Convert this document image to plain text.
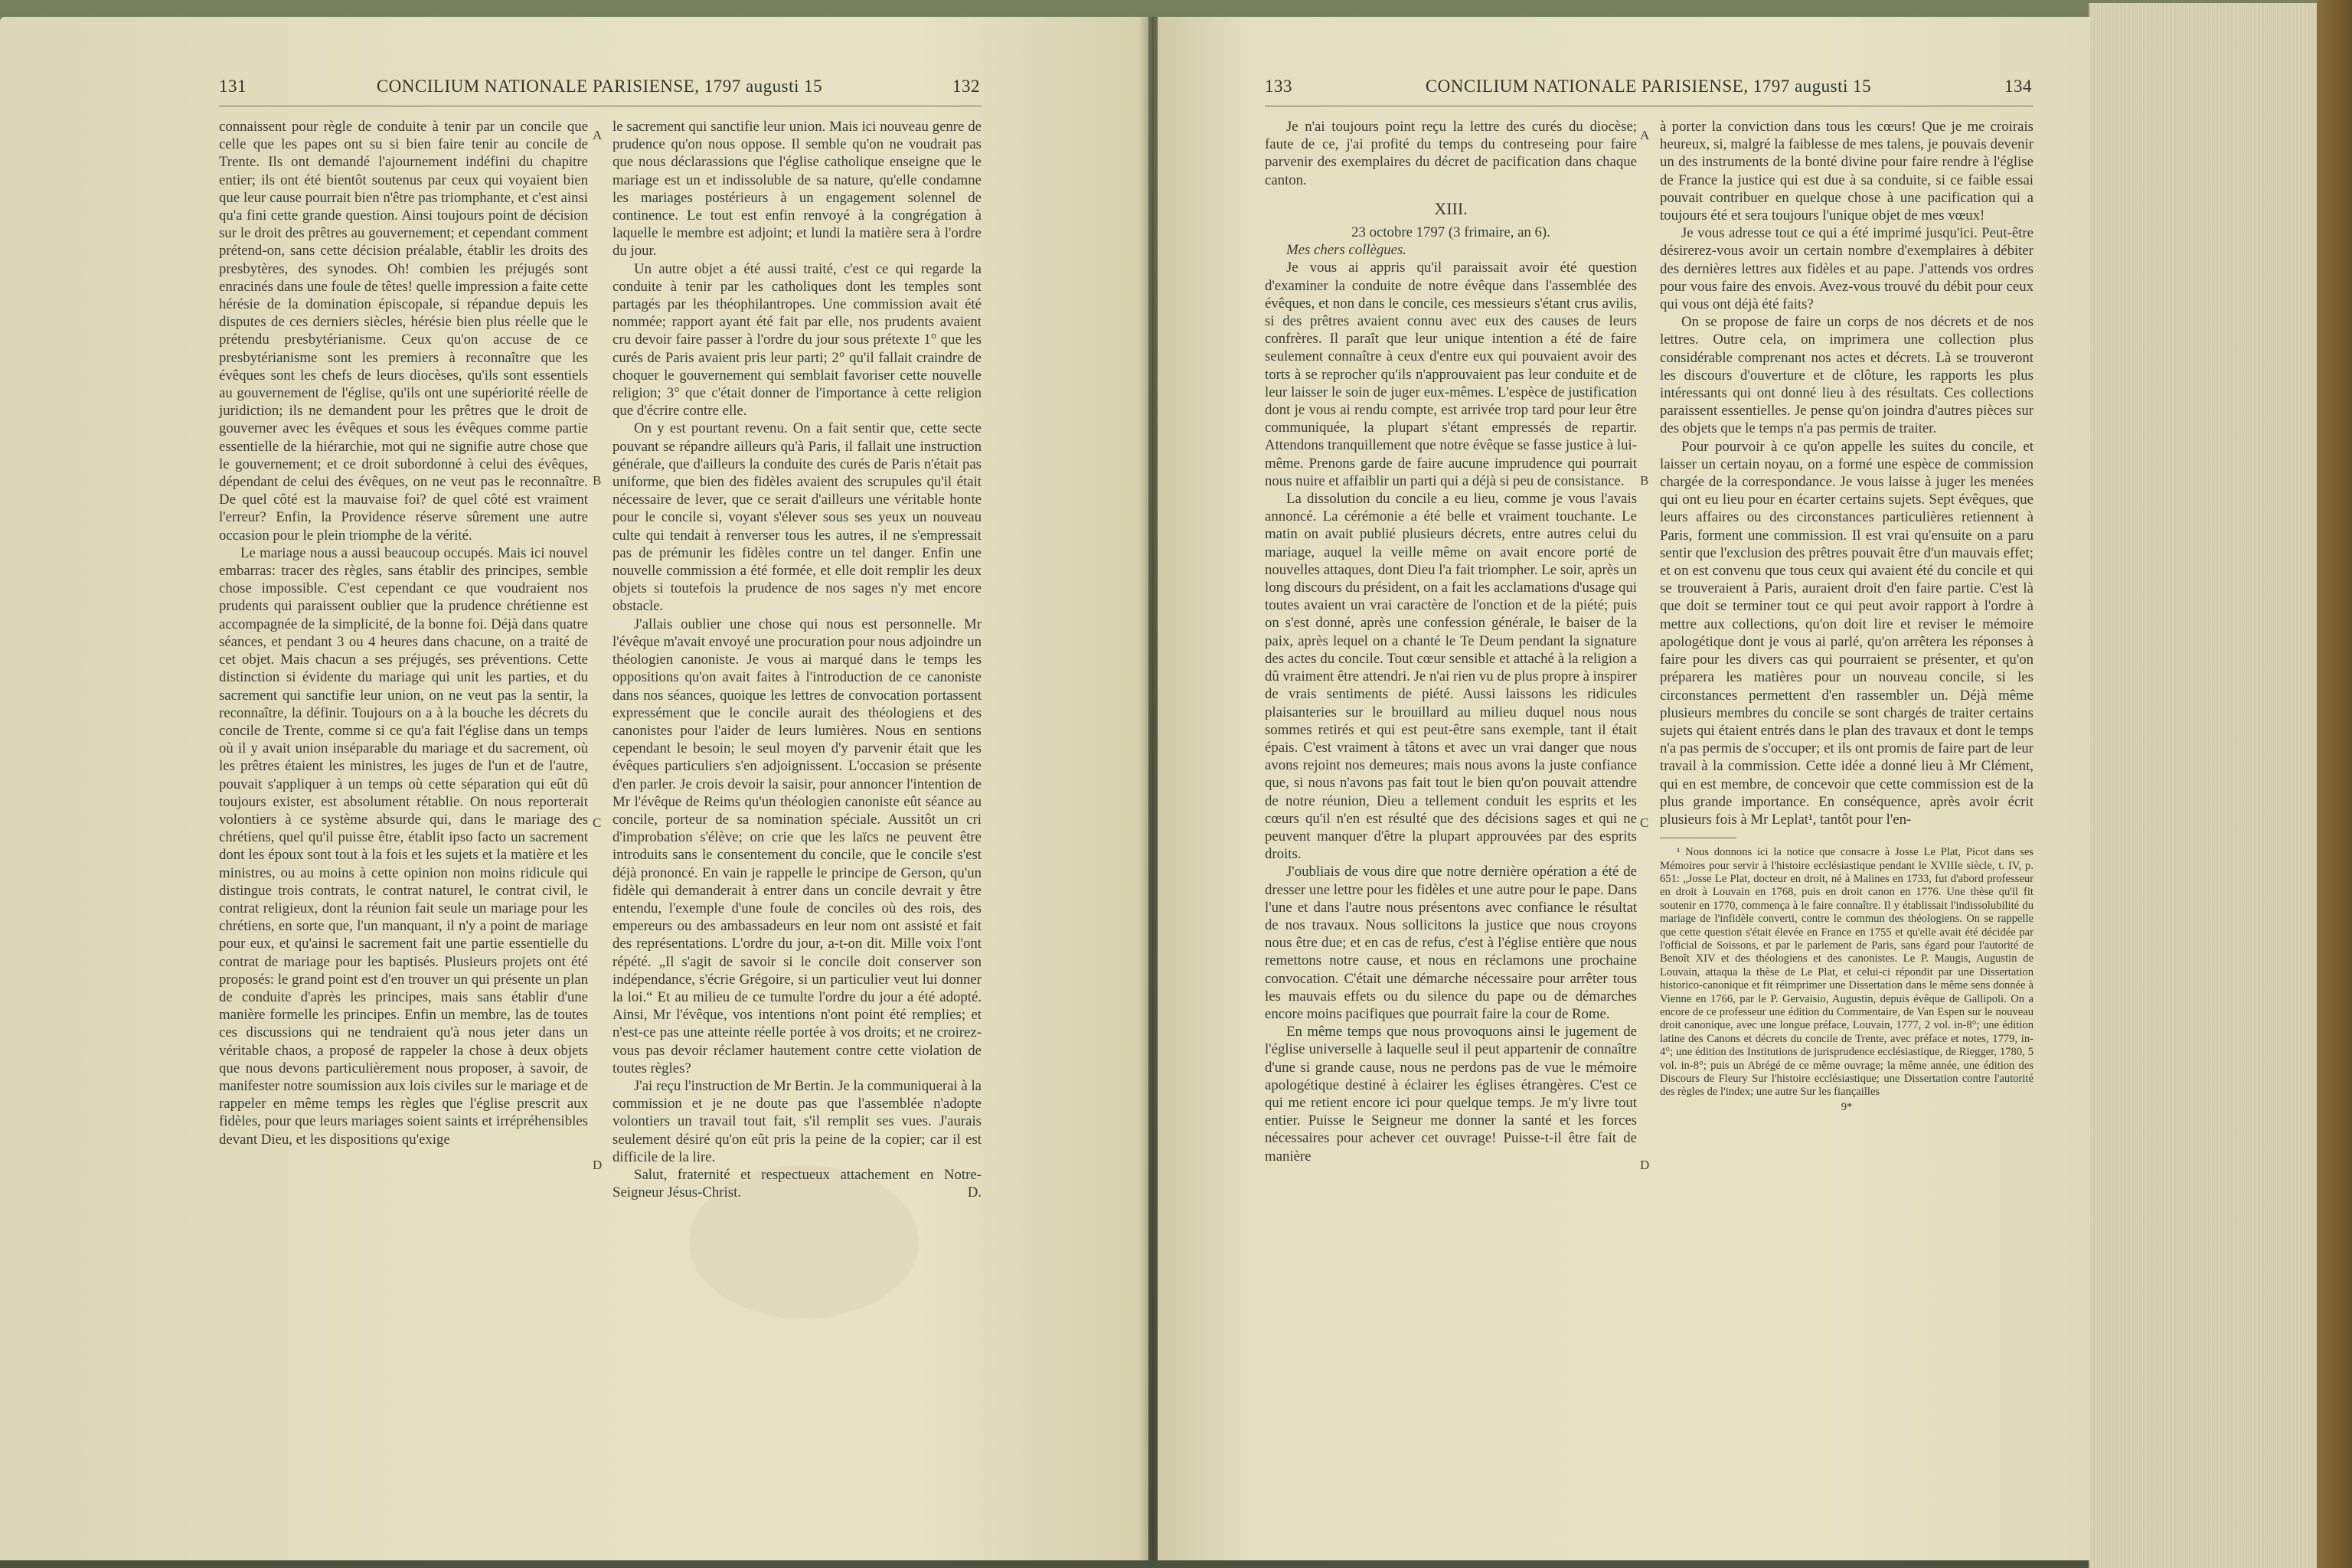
131	CONCILIUM NATIONALE PARISIENSE, 1797 augusti 15	132

connaissent pour règle de conduite à tenir par un concile que celle que les papes ont su si bien faire tenir au concile de Trente. Ils ont demandé l'ajournement indéfini du chapitre entier; ils ont été bientôt soutenus par ceux qui voyaient bien que leur cause pourrait bien n'être pas triomphante, et c'est ainsi qu'a fini cette grande question. Ainsi toujours point de décision sur le droit des prêtres au gouvernement; et cependant comment prétend-on, sans cette décision préalable, établir les droits des presbytères, des synodes. Oh! combien les préjugés sont enracinés dans une foule de têtes! quelle impression a faite cette hérésie de la domination épiscopale, si répandue depuis les disputes de ces derniers siècles, hérésie bien plus réelle que le prétendu presbytérianisme. Ceux qu'on accuse de ce presbytérianisme sont les premiers à reconnaître que les évêques sont les chefs de leurs diocèses, qu'ils sont essentiels au gouvernement de l'église, qu'ils ont une supériorité réelle de juridiction; ils ne demandent pour les prêtres que le droit de gouverner avec les évêques et sous les évêques comme partie essentielle de la hiérarchie, mot qui ne signifie autre chose que le gouvernement; et ce droit subordonné à celui des évêques, dépendant de celui des évêques, on ne veut pas le reconnaître. De quel côté est la mauvaise foi? de quel côté est vraiment l'erreur? Enfin, la Providence réserve sûrement une autre occasion pour le plein triomphe de la vérité.

Le mariage nous a aussi beaucoup occupés. Mais ici nouvel embarras: tracer des règles, sans établir des principes, semble chose impossible. C'est cependant ce que voudraient nos prudents qui paraissent oublier que la prudence chrétienne est accompagnée de la simplicité, de la bonne foi. Déjà dans quatre séances, et pendant 3 ou 4 heures dans chacune, on a traité de cet objet. Mais chacun a ses préjugés, ses préventions. Cette distinction si évidente du mariage qui unit les parties, et du sacrement qui sanctifie leur union, on ne veut pas la sentir, la reconnaître, la définir. Toujours on a à la bouche les décrets du concile de Trente, comme si ce qu'a fait l'église dans un temps où il y avait union inséparable du mariage et du sacrement, où les prêtres étaient les ministres, les juges de l'un et de l'autre, pouvait s'appliquer à un temps où cette séparation qui eût dû toujours exister, est absolument rétablie. On nous reporterait volontiers à ce système absurde qui, dans le mariage des chrétiens, quel qu'il puisse être, établit ipso facto un sacrement dont les époux sont tout à la fois et les sujets et la matière et les ministres, ou au moins à cette opinion non moins ridicule qui distingue trois contrats, le contrat naturel, le contrat civil, le contrat religieux, dont la réunion fait seule un mariage pour les chrétiens, en sorte que, l'un manquant, il n'y a point de mariage pour eux, et qu'ainsi le sacrement fait une partie essentielle du contrat de mariage pour les baptisés. Plusieurs projets ont été proposés: le grand point est d'en trouver un qui présente un plan de conduite d'après les principes, mais sans établir d'une manière formelle les principes. Enfin un membre, las de toutes ces discussions qui ne tendraient qu'à nous jeter dans un véritable chaos, a proposé de rappeler la chose à deux objets que nous devons particulièrement nous proposer, à savoir, de manifester notre soumission aux lois civiles sur le mariage et de rappeler en même temps les règles que l'église prescrit aux fidèles, pour que leurs mariages soient saints et irrépréhensibles devant Dieu, et les dispositions qu'exige

A
B
C
D

le sacrement qui sanctifie leur union. Mais ici nouveau genre de prudence qu'on nous oppose. Il semble qu'on ne voudrait pas que nous déclarassions que l'église catholique enseigne que le mariage est un et indissoluble de sa nature, qu'elle condamne les mariages postérieurs à un engagement solennel de continence. Le tout est enfin renvoyé à la congrégation à laquelle le membre est adjoint; et lundi la matière sera à l'ordre du jour.

Un autre objet a été aussi traité, c'est ce qui regarde la conduite à tenir par les catholiques dont les temples sont partagés par les théophilantropes. Une commission avait été nommée; rapport ayant été fait par elle, nos prudents avaient cru devoir faire passer à l'ordre du jour sous prétexte 1° que les curés de Paris avaient pris leur parti; 2° qu'il fallait craindre de choquer le gouvernement qui semblait favoriser cette nouvelle religion; 3° que c'était donner de l'importance à cette religion que d'écrire contre elle.

On y est pourtant revenu. On a fait sentir que, cette secte pouvant se répandre ailleurs qu'à Paris, il fallait une instruction générale, que d'ailleurs la conduite des curés de Paris n'était pas uniforme, que bien des fidèles avaient des scrupules qu'il était nécessaire de lever, que ce serait d'ailleurs une véritable honte pour le concile si, voyant s'élever sous ses yeux un nouveau culte qui tendait à renverser tous les autres, il ne s'empressait pas de prémunir les fidèles contre un tel danger. Enfin une nouvelle commission a été formée, et elle doit remplir les deux objets si toutefois la prudence de nos sages n'y met encore obstacle.

J'allais oublier une chose qui nous est personnelle. Mr l'évêque m'avait envoyé une procuration pour nous adjoindre un théologien canoniste. Je vous ai marqué dans le temps les oppositions qu'on avait faites à l'introduction de ce canoniste dans nos séances, quoique les lettres de convocation portassent expressément que le concile aurait des théologiens et des canonistes pour l'aider de leurs lumières. Nous en sentions cependant le besoin; le seul moyen d'y parvenir était que les évêques particuliers s'en adjoignissent. L'occasion se présente d'en parler. Je crois devoir la saisir, pour annoncer l'intention de Mr l'évêque de Reims qu'un théologien canoniste eût séance au concile, porteur de sa nomination spéciale. Aussitôt un cri d'improbation s'élève; on crie que les laïcs ne peuvent être introduits sans le consentement du concile, que le concile s'est déjà prononcé. En vain je rappelle le principe de Gerson, qu'un fidèle qui demanderait à entrer dans un concile devrait y être entendu, l'exemple d'une foule de conciles où des rois, des empereurs ou des ambassadeurs en leur nom ont assisté et fait des représentations. L'ordre du jour, a-t-on dit. Mille voix l'ont répété. „Il s'agit de savoir si le concile doit conserver son indépendance, s'écrie Grégoire, si un particulier veut lui donner la loi.“ Et au milieu de ce tumulte l'ordre du jour a été adopté. Ainsi, Mr l'évêque, vos intentions n'ont point été remplies; et n'est-ce pas une atteinte réelle portée à vos droits; et ne croirez-vous pas devoir réclamer hautement contre cette violation de toutes règles?

J'ai reçu l'instruction de Mr Bertin. Je la communiquerai à la commission et je ne doute pas que l'assemblée n'adopte volontiers un travail tout fait, s'il remplit ses vues. J'aurais seulement désiré qu'on eût pris la peine de la copier; car il est difficile de la lire.

Salut, fraternité et respectueux attachement en Notre-Seigneur Jésus-Christ.	D.

133	CONCILIUM NATIONALE PARISIENSE, 1797 augusti 15	134

Je n'ai toujours point reçu la lettre des curés du diocèse; faute de ce, j'ai profité du temps du contreseing pour faire parvenir des exemplaires du décret de pacification dans chaque canton.

XIII.

23 octobre 1797 (3 frimaire, an 6).

Mes chers collègues.

Je vous ai appris qu'il paraissait avoir été question d'examiner la conduite de notre évêque dans l'assemblée des évêques, et non dans le concile, ces messieurs s'étant crus avilis, si des prêtres avaient connu avec eux des causes de leurs confrères. Il paraît que leur unique intention a été de faire seulement connaître à ceux d'entre eux qui pouvaient avoir des torts à se reprocher qu'ils n'approuvaient pas leur conduite et de leur laisser le soin de juger eux-mêmes. L'espèce de justification dont je vous ai rendu compte, est arrivée trop tard pour leur être communiquée, la plupart s'étant empressés de repartir. Attendons tranquillement que notre évêque se fasse justice à lui-même. Prenons garde de faire aucune imprudence qui pourrait nous nuire et affaiblir un parti qui a déjà si peu de consistance.

La dissolution du concile a eu lieu, comme je vous l'avais annoncé. La cérémonie a été belle et vraiment touchante. Le matin on avait publié plusieurs décrets, entre autres celui du mariage, auquel la veille même on avait encore porté de nouvelles attaques, dont Dieu l'a fait triompher. Le soir, après un long discours du président, on a fait les acclamations d'usage qui toutes avaient un vrai caractère de l'onction et de la piété; puis on s'est donné, après une confession générale, le baiser de la paix, après lequel on a chanté le Te Deum pendant la signature des actes du concile. Tout cœur sensible et attaché à la religion a dû vraiment être attendri. Je n'ai rien vu de plus propre à inspirer de vrais sentiments de piété. Aussi laissons les ridicules plaisanteries sur le brouillard au milieu duquel nous nous sommes retirés et qui est peut-être sans exemple, tant il était épais. C'est vraiment à tâtons et avec un vrai danger que nous avons rejoint nos demeures; mais nous avons la juste confiance que, si nous n'avons pas fait tout le bien qu'on pouvait attendre de notre réunion, Dieu a tellement conduit les esprits et les cœurs qu'il n'en est résulté que des décisions sages et qui ne peuvent manquer d'être la plupart approuvées par des esprits droits.

J'oubliais de vous dire que notre dernière opération a été de dresser une lettre pour les fidèles et une autre pour le pape. Dans l'une et dans l'autre nous présentons avec confiance le résultat de nos travaux. Nous sollicitons la justice que nous croyons nous être due; et en cas de refus, c'est à l'église entière que nous remettons notre cause, et nous en réclamons une prochaine convocation. C'était une démarche nécessaire pour arrêter tous les mauvais effets ou du silence du pape ou de démarches encore moins pacifiques que pourrait faire la cour de Rome.

En même temps que nous provoquons ainsi le jugement de l'église universelle à laquelle seul il peut appartenir de connaître d'une si grande cause, nous ne perdons pas de vue le mémoire apologétique destiné à éclairer les églises étrangères. C'est ce qui me retient encore ici pour quelque temps. Je m'y livre tout entier. Puisse le Seigneur me donner la santé et les forces nécessaires pour achever cet ouvrage! Puisse-t-il être fait de manière

A
B
C
D

à porter la conviction dans tous les cœurs! Que je me croirais heureux, si, malgré la faiblesse de mes talens, je pouvais devenir un des instruments de la bonté divine pour faire rendre à l'église de France la justice qui est due à sa conduite, si ce faible essai pouvait contribuer en quelque chose à une pacification qui a toujours été et sera toujours l'unique objet de mes vœux!

Je vous adresse tout ce qui a été imprimé jusqu'ici. Peut-être désirerez-vous avoir un certain nombre d'exemplaires à débiter des dernières lettres aux fidèles et au pape. J'attends vos ordres pour vous faire des envois. Avez-vous trouvé du débit pour ceux qui vous ont déjà été faits?

On se propose de faire un corps de nos décrets et de nos lettres. Outre cela, on imprimera une collection plus considérable comprenant nos actes et décrets. Là se trouveront les discours d'ouverture et de clôture, les rapports les plus intéressants qui ont donné lieu à des résultats. Ces collections paraissent essentielles. Je pense qu'on joindra d'autres pièces sur des objets que le temps n'a pas permis de traiter.

Pour pourvoir à ce qu'on appelle les suites du concile, et laisser un certain noyau, on a formé une espèce de commission chargée de la correspondance. Je vous laisse à juger les menées qui ont eu lieu pour en écarter certains sujets. Sept évêques, que leurs affaires ou des circonstances particulières retiennent à Paris, forment une commission. Il est vrai qu'ensuite on a paru sentir que l'exclusion des prêtres pouvait être d'un mauvais effet; et on est convenu que tous ceux qui avaient été du concile et qui se trouveraient à Paris, auraient droit d'en faire partie. C'est là que doit se terminer tout ce qui peut avoir rapport à l'ordre à mettre aux collections, qu'on doit lire et reviser le mémoire apologétique dont je vous ai parlé, qu'on arrêtera les réponses à faire pour les divers cas qui pourraient se présenter, et qu'on préparera les matières pour un nouveau concile, si les circonstances permettent d'en rassembler un. Déjà même plusieurs membres du concile se sont chargés de traiter certains sujets qui étaient entrés dans le plan des travaux et dont le temps n'a pas permis de s'occuper; et ils ont promis de faire part de leur travail à la commission. Cette idée a donné lieu à Mr Clément, qui en est membre, de concevoir que cette commission est de la plus grande importance. En conséquence, après avoir écrit plusieurs fois à Mr Leplat¹, tantôt pour l'en-

¹ Nous donnons ici la notice que consacre à Josse Le Plat, Picot dans ses Mémoires pour servir à l'histoire ecclésiastique pendant le XVIIIe siècle, t. IV, p. 651: „Josse Le Plat, docteur en droit, né à Malines en 1733, fut d'abord professeur en droit à Louvain en 1768, puis en droit canon en 1776. Une thèse qu'il fit soutenir en 1770, commença à le faire connaître. Il y établissait l'indissolubilité du mariage de l'infidèle converti, contre le commun des théologiens. On se rappelle que cette question s'était élevée en France en 1755 et qu'elle avait été décidée par l'official de Soissons, et par le parlement de Paris, sans égard pour l'autorité de Benoît XIV et des théologiens et des canonistes. Le P. Maugis, Augustin de Louvain, attaqua la thèse de Le Plat, et celui-ci répondit par une Dissertation historico-canonique et fit réimprimer une Dissertation dans le même sens donnée à Vienne en 1766, par le P. Gervaisio, Augustin, depuis évêque de Gallipoli. On a encore de ce professeur une édition du Commentaire, de Van Espen sur le nouveau droit canonique, avec une longue préface, Louvain, 1777, 2 vol. in-8°; une édition latine des Canons et décrets du concile de Trente, avec préface et notes, 1779, in-4°; une édition des Institutions de jurisprudence ecclésiastique, de Riegger, 1780, 5 vol. in-8°; puis un Abrégé de ce même ouvrage; la même année, une édition des Discours de Fleury Sur l'histoire ecclésiastique; une Dissertation contre l'autorité des règles de l'index; une autre Sur les fiançailles

9*
